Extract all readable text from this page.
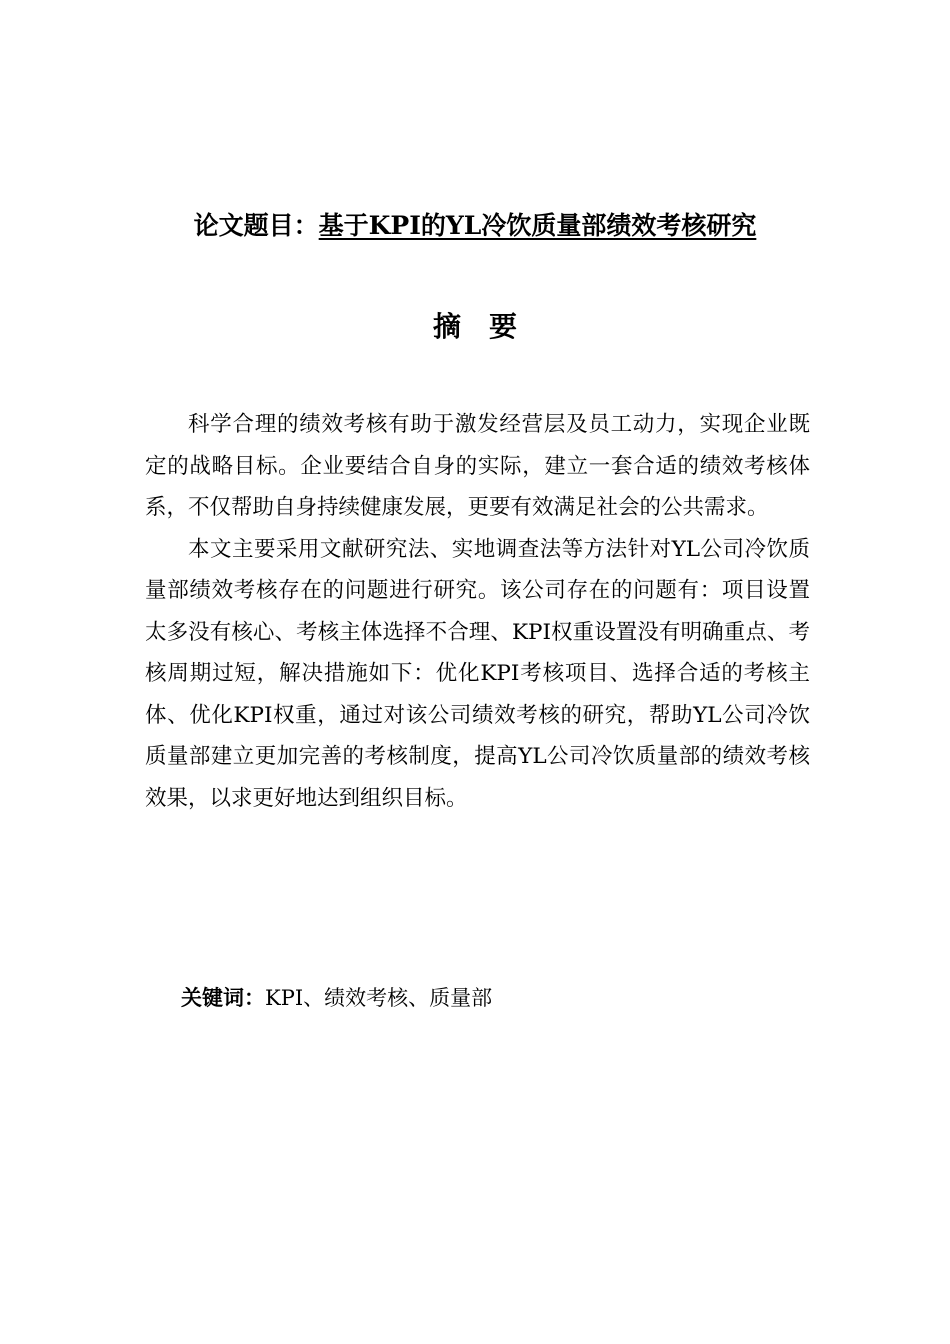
论文题目：基于KPI的YL冷饮质量部绩效考核研究
摘要

科学合理的绩效考核有助于激发经营层及员工动力，实现企业既定的战略目标。企业要结合自身的实际，建立一套合适的绩效考核体系，不仅帮助自身持续健康发展，更要有效满足社会的公共需求。

本文主要采用文献研究法、实地调查法等方法针对YL公司冷饮质量部绩效考核存在的问题进行研究。该公司存在的问题有：项目设置太多没有核心、考核主体选择不合理、KPI权重设置没有明确重点、考核周期过短，解决措施如下：优化KPI考核项目、选择合适的考核主体、优化KPI权重，通过对该公司绩效考核的研究，帮助YL公司冷饮质量部建立更加完善的考核制度，提高YL公司冷饮质量部的绩效考核效果，以求更好地达到组织目标。

关键词：KPI、绩效考核、质量部
